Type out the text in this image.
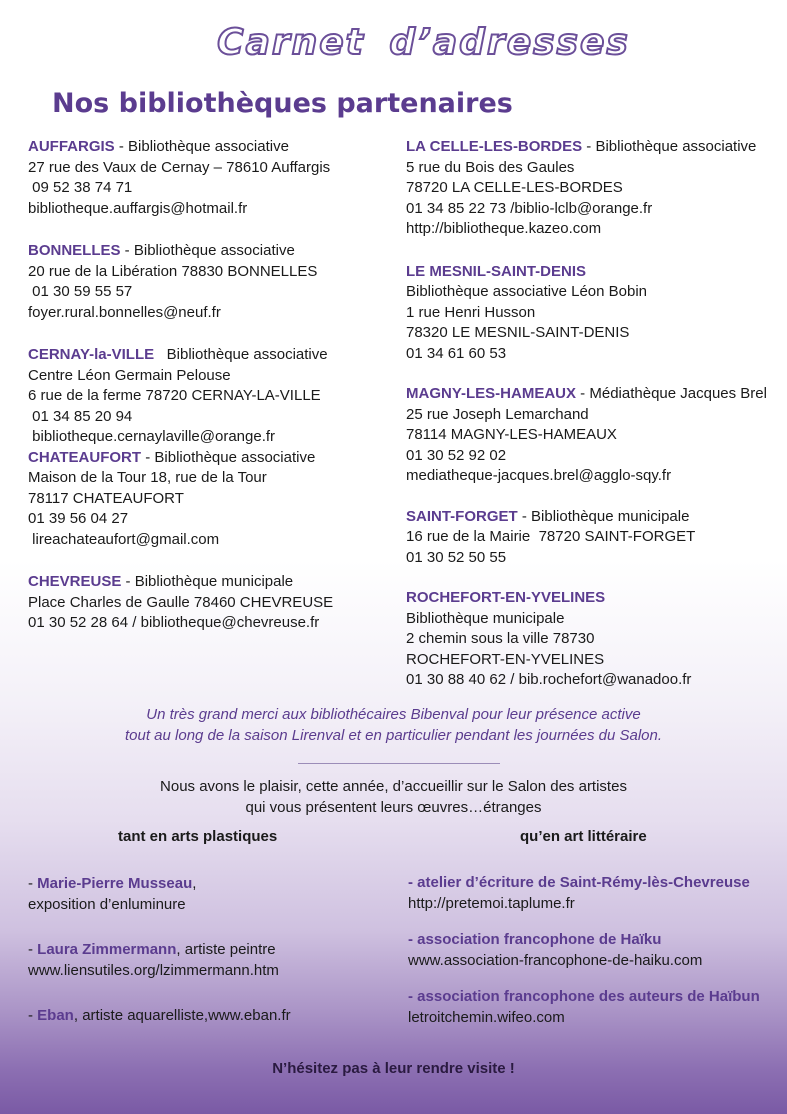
Carnet d’adresses
Nos bibliothèques partenaires
AUFFARGIS - Bibliothèque associative
27 rue des Vaux de Cernay – 78610 Auffargis
09 52 38 74 71
bibliotheque.auffargis@hotmail.fr
BONNELLES - Bibliothèque associative
20 rue de la Libération 78830 BONNELLES
01 30 59 55 57
foyer.rural.bonnelles@neuf.fr
CERNAY-la-VILLE Bibliothèque associative
Centre Léon Germain Pelouse
6 rue de la ferme 78720 CERNAY-LA-VILLE
01 34 85 20 94
bibliotheque.cernaylaville@orange.fr
CHATEAUFORT - Bibliothèque associative
Maison de la Tour 18, rue de la Tour
78117 CHATEAUFORT
01 39 56 04 27
lireachateaufort@gmail.com
CHEVREUSE - Bibliothèque municipale
Place Charles de Gaulle 78460 CHEVREUSE
01 30 52 28 64 / bibliotheque@chevreuse.fr
LA CELLE-LES-BORDES - Bibliothèque associative
5 rue du Bois des Gaules
78720 LA CELLE-LES-BORDES
01 34 85 22 73 /biblio-lclb@orange.fr
http://bibliotheque.kazeo.com
LE MESNIL-SAINT-DENIS
Bibliothèque associative Léon Bobin
1 rue Henri Husson
78320 LE MESNIL-SAINT-DENIS
01 34 61 60 53
MAGNY-LES-HAMEAUX - Médiathèque Jacques Brel
25 rue Joseph Lemarchand
78114 MAGNY-LES-HAMEAUX
01 30 52 92 02
mediatheque-jacques.brel@agglo-sqy.fr
SAINT-FORGET - Bibliothèque municipale
16 rue de la Mairie  78720 SAINT-FORGET
01 30 52 50 55
ROCHEFORT-EN-YVELINES
Bibliothèque municipale
2 chemin sous la ville 78730
ROCHEFORT-EN-YVELINES
01 30 88 40 62 / bib.rochefort@wanadoo.fr
Un très grand merci aux bibliothécaires Bibenval pour leur présence active
tout au long de la saison Lirenval et en particulier pendant les journées du Salon.
Nous avons le plaisir, cette année, d’accueillir sur le Salon des artistes
qui vous présentent leurs œuvres…étranges
tant en arts plastiques	qu’en art littéraire
- Marie-Pierre Musseau,
exposition d’enluminure
- Laura Zimmermann, artiste peintre
www.liensutiles.org/lzimmermann.htm
- Eban, artiste aquarelliste,www.eban.fr
- atelier d’écriture de Saint-Rémy-lès-Chevreuse
http://pretemoi.taplume.fr
- association francophone de Haïku
www.association-francophone-de-haiku.com
- association francophone des auteurs de Haïbun
letroitchemin.wifeo.com
N’hésitez pas à leur rendre visite !
